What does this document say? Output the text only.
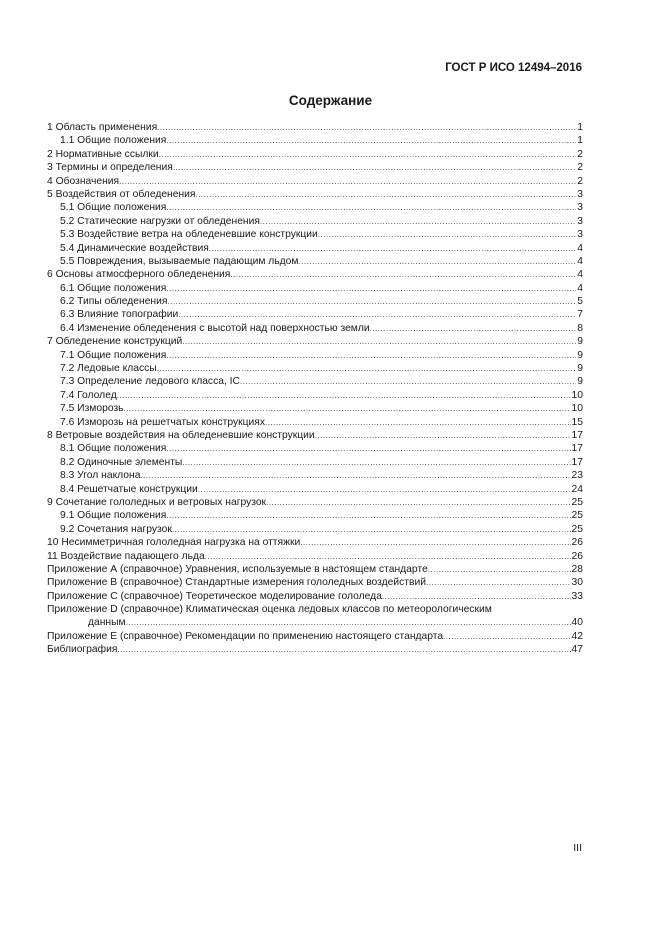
ГОСТ Р ИСО 12494–2016
Содержание
1 Область применения .....	1
1.1 Общие положения .....	1
2 Нормативные ссылки .....	2
3 Термины и определения .....	2
4 Обозначения .....	2
5 Воздействия от обледенения .....	3
5.1 Общие положения .....	3
5.2 Статические нагрузки от обледенения .....	3
5.3 Воздействие ветра на обледеневшие конструкции .....	3
5.4 Динамические воздействия .....	4
5.5 Повреждения, вызываемые падающим льдом .....	4
6 Основы атмосферного обледенения .....	4
6.1 Общие положения .....	4
6.2 Типы обледенения .....	5
6.3 Влияние топографии .....	7
6.4 Изменение обледенения с высотой над поверхностью земли .....	8
7 Обледенение конструкций .....	9
7.1 Общие положения .....	9
7.2 Ледовые классы .....	9
7.3 Определение ледового класса, IC .....	9
7.4 Гололед .....	10
7.5 Изморозь .....	10
7.6 Изморозь на решетчатых конструкциях .....	15
8 Ветровые воздействия на обледеневшие конструкции .....	17
8.1 Общие положения .....	17
8.2 Одиночные элементы .....	17
8.3 Угол наклона .....	23
8.4 Решетчатые конструкции .....	24
9 Сочетание гололедных и ветровых нагрузок .....	25
9.1 Общие положения .....	25
9.2 Сочетания нагрузок .....	25
10 Несимметричная гололедная нагрузка на оттяжки .....	26
11 Воздействие падающего льда .....	26
Приложение А (справочное) Уравнения, используемые в настоящем стандарте .....	28
Приложение В (справочное) Стандартные измерения гололедных воздействий .....	30
Приложение С (справочное) Теоретическое моделирование гололеда .....	33
Приложение D (справочное) Климатическая оценка ледовых классов по метеорологическим
данным .....	40
Приложение Е (справочное) Рекомендации по применению настоящего стандарта .....	42
Библиография .....	47
III
